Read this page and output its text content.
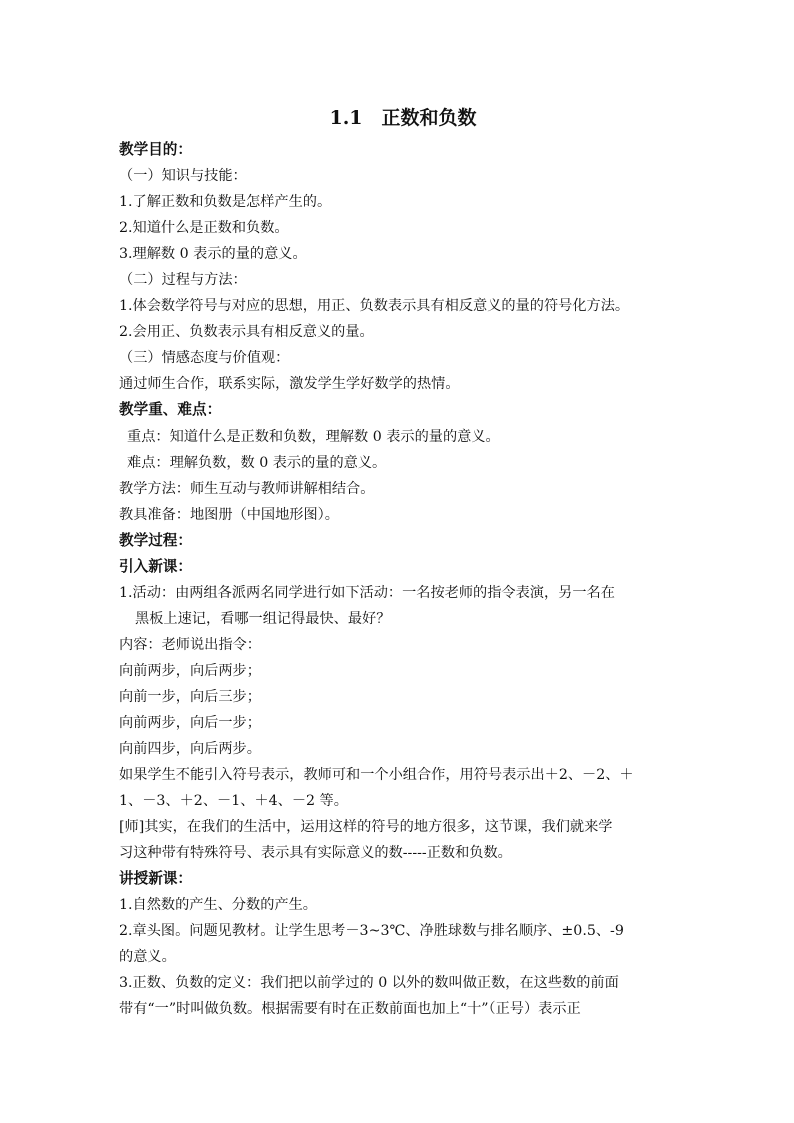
1.1　正数和负数
教学目的：
（一）知识与技能：
1.了解正数和负数是怎样产生的。
2.知道什么是正数和负数。
3.理解数 0 表示的量的意义。
（二）过程与方法：
1.体会数学符号与对应的思想，用正、负数表示具有相反意义的量的符号化方法。
2.会用正、负数表示具有相反意义的量。
（三）情感态度与价值观：
通过师生合作，联系实际，激发学生学好数学的热情。
教学重、难点：
重点：知道什么是正数和负数，理解数 0 表示的量的意义。
难点：理解负数，数 0 表示的量的意义。
教学方法：师生互动与教师讲解相结合。
教具准备：地图册（中国地形图）。
教学过程：
引入新课：
1.活动：由两组各派两名同学进行如下活动：一名按老师的指令表演，另一名在
黑板上速记，看哪一组记得最快、最好？
内容：老师说出指令：
向前两步，向后两步；
向前一步，向后三步；
向前两步，向后一步；
向前四步，向后两步。
如果学生不能引入符号表示，教师可和一个小组合作，用符号表示出＋2、－2、＋
1、－3、＋2、－1、＋4、－2 等。
[师]其实，在我们的生活中，运用这样的符号的地方很多，这节课，我们就来学
习这种带有特殊符号、表示具有实际意义的数-----正数和负数。
讲授新课：
1.自然数的产生、分数的产生。
2.章头图。问题见教材。让学生思考－3~3℃、净胜球数与排名顺序、±0.5、-9
的意义。
3.正数、负数的定义：我们把以前学过的 0 以外的数叫做正数，在这些数的前面
带有“一”时叫做负数。根据需要有时在正数前面也加上“十”（正号）表示正
